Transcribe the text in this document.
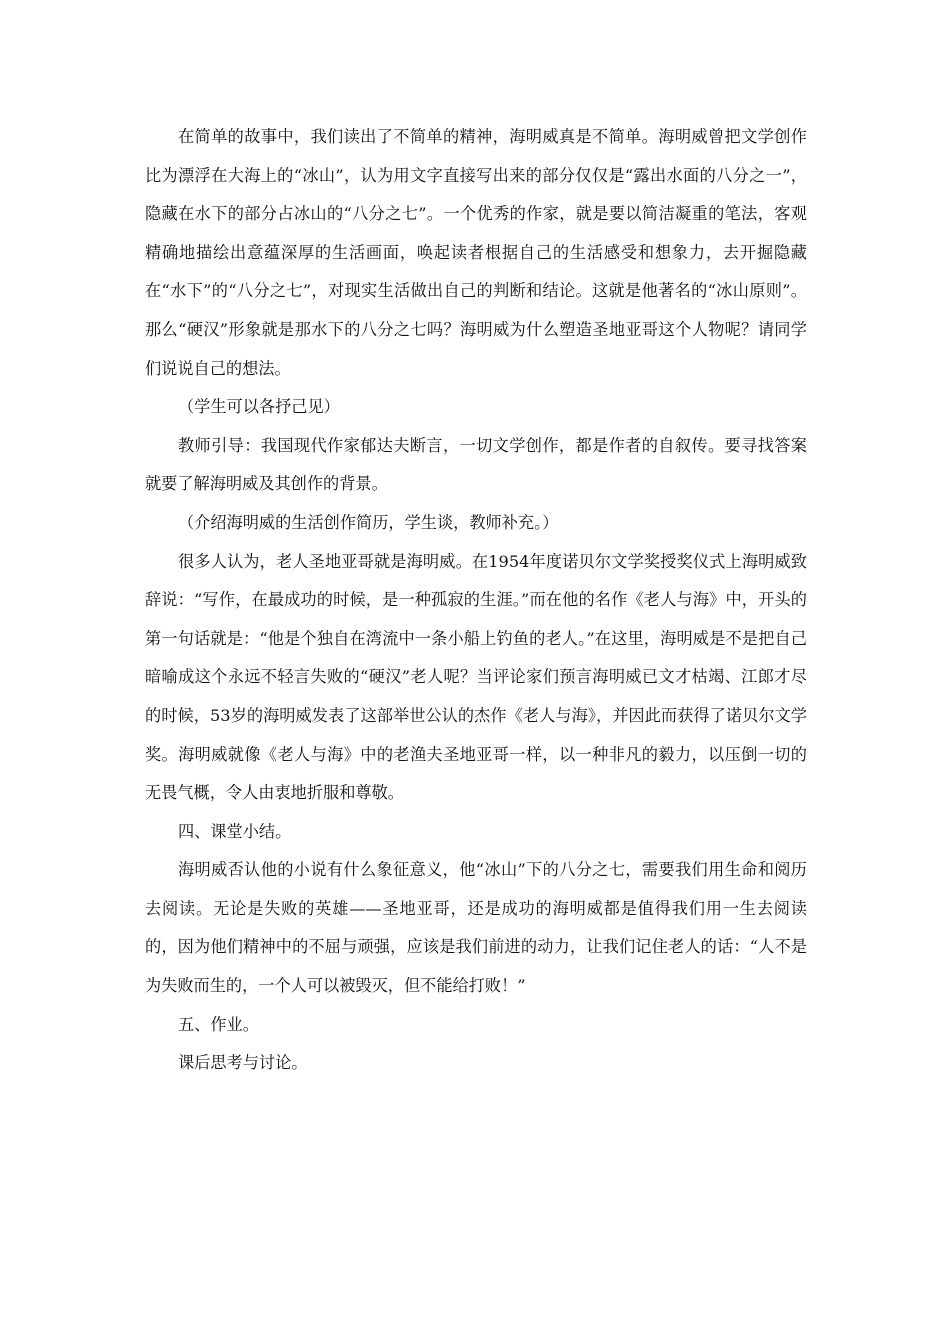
在简单的故事中，我们读出了不简单的精神，海明威真是不简单。海明威曾把文学创作比为漂浮在大海上的“冰山”，认为用文字直接写出来的部分仅仅是“露出水面的八分之一”，隐藏在水下的部分占冰山的“八分之七”。一个优秀的作家，就是要以简洁凝重的笔法，客观精确地描绘出意蕴深厚的生活画面，唤起读者根据自己的生活感受和想象力，去开掘隐藏在“水下”的“八分之七”，对现实生活做出自己的判断和结论。这就是他著名的“冰山原则”。那么“硬汉”形象就是那水下的八分之七吗？海明威为什么塑造圣地亚哥这个人物呢？请同学们说说自己的想法。

（学生可以各抒己见）

教师引导：我国现代作家郁达夫断言，一切文学创作，都是作者的自叙传。要寻找答案就要了解海明威及其创作的背景。

（介绍海明威的生活创作简历，学生谈，教师补充。）

很多人认为，老人圣地亚哥就是海明威。在1954年度诺贝尔文学奖授奖仪式上海明威致辞说：“写作，在最成功的时候，是一种孤寂的生涯。”而在他的名作《老人与海》中，开头的第一句话就是：“他是个独自在湾流中一条小船上钓鱼的老人。”在这里，海明威是不是把自己暗喻成这个永远不轻言失败的“硬汉”老人呢？当评论家们预言海明威已文才枯竭、江郎才尽的时候，53岁的海明威发表了这部举世公认的杰作《老人与海》，并因此而获得了诺贝尔文学奖。海明威就像《老人与海》中的老渔夫圣地亚哥一样，以一种非凡的毅力，以压倒一切的无畏气概，令人由衷地折服和尊敬。

四、课堂小结。

海明威否认他的小说有什么象征意义，他“冰山”下的八分之七，需要我们用生命和阅历去阅读。无论是失败的英雄——圣地亚哥，还是成功的海明威都是值得我们用一生去阅读的，因为他们精神中的不屈与顽强，应该是我们前进的动力，让我们记住老人的话：“人不是为失败而生的，一个人可以被毁灭，但不能给打败！”

五、作业。

课后思考与讨论。
